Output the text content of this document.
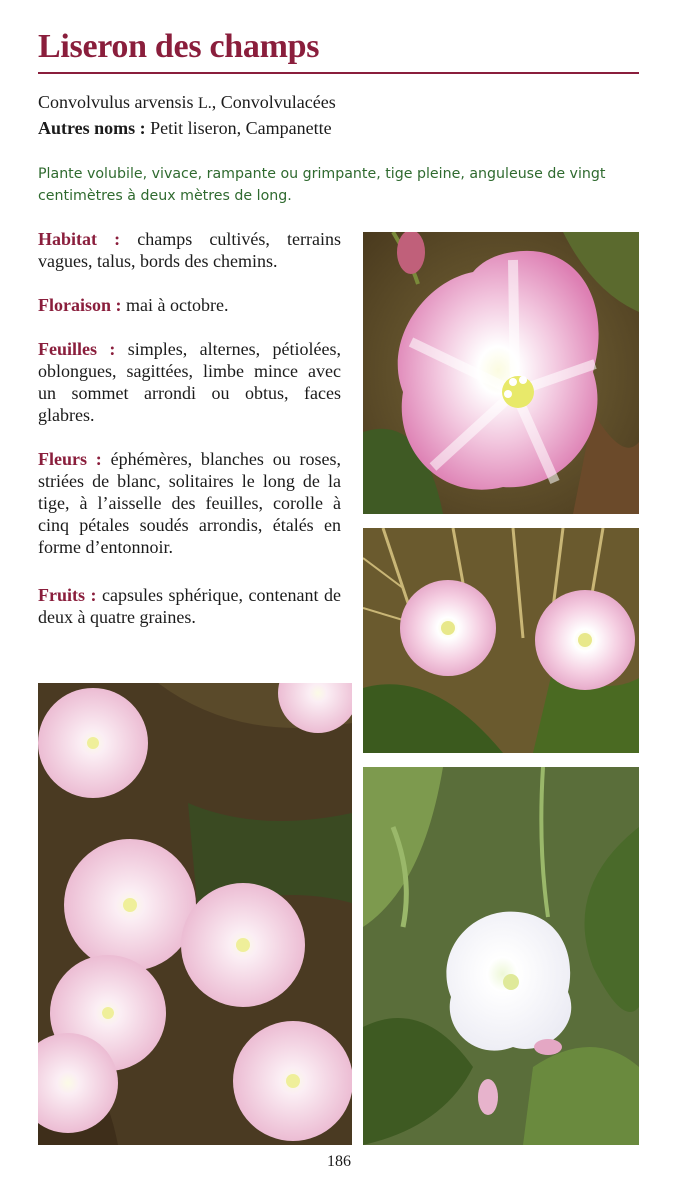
Liseron des champs
Convolvulus arvensis L., Convolvulacées
Autres noms : Petit liseron, Campanette
Plante volubile, vivace, rampante ou grimpante, tige pleine, anguleuse de vingt centimètres à deux mètres de long.
Habitat : champs cultivés, terrains vagues, talus, bords des chemins.
Floraison : mai à octobre.
Feuilles : simples, alternes, pétiolées, oblongues, sagittées, limbe mince avec un sommet arrondi ou obtus, faces glabres.
Fleurs : éphémères, blanches ou roses, striées de blanc, solitaires le long de la tige, à l’aisselle des feuilles, corolle à cinq pétales soudés arrondis, étalés en forme d’entonnoir.
Fruits : capsules sphérique, contenant de deux à quatre graines.
186
